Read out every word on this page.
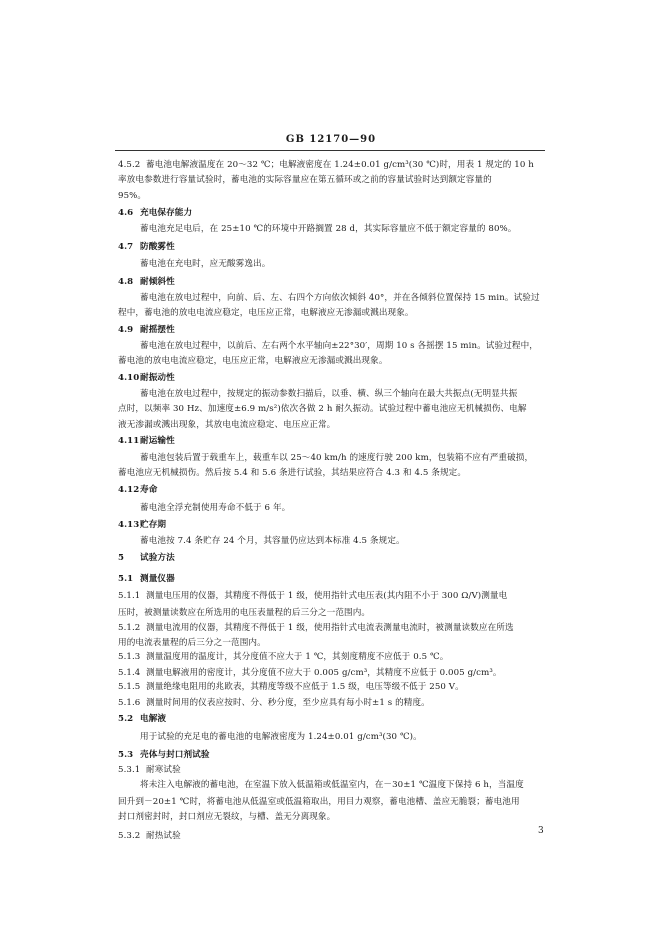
GB 12170—90
4.5.2 蓄电池电解液温度在 20～32 ℃；电解液密度在 1.24±0.01 g/cm³(30 ℃)时，用表 1 规定的 10 h
率放电参数进行容量试验时，蓄电池的实际容量应在第五循环或之前的容量试验时达到额定容量的
95%。
4.6 充电保存能力
蓄电池充足电后，在 25±10 ℃的环境中开路搁置 28 d，其实际容量应不低于额定容量的 80%。
4.7 防酸雾性
蓄电池在充电时，应无酸雾逸出。
4.8 耐倾斜性
蓄电池在放电过程中，向前、后、左、右四个方向依次倾斜 40°，并在各倾斜位置保持 15 min。试验过
程中，蓄电池的放电电流应稳定，电压应正常，电解液应无渗漏或溅出现象。
4.9 耐摇摆性
蓄电池在放电过程中，以前后、左右两个水平轴向±22°30′，周期 10 s 各摇摆 15 min。试验过程中，
蓄电池的放电电流应稳定，电压应正常，电解液应无渗漏或溅出现象。
4.10耐振动性
蓄电池在放电过程中，按规定的振动参数扫描后，以垂、横、纵三个轴向在最大共振点(无明显共振
点时，以频率 30 Hz、加速度±6.9 m/s²)依次各做 2 h 耐久振动。试验过程中蓄电池应无机械损伤、电解
液无渗漏或溅出现象，其放电电流应稳定、电压应正常。
4.11耐运输性
蓄电池包装后置于载重车上，载重车以 25～40 km/h 的速度行驶 200 km，包装箱不应有严重破损，
蓄电池应无机械损伤。然后按 5.4 和 5.6 条进行试验，其结果应符合 4.3 和 4.5 条规定。
4.12寿命
蓄电池全浮充制使用寿命不低于 6 年。
4.13贮存期
蓄电池按 7.4 条贮存 24 个月，其容量仍应达到本标准 4.5 条规定。
5 试验方法
5.1 测量仪器
5.1.1 测量电压用的仪器，其精度不得低于 1 级，使用指针式电压表(其内阻不小于 300 Ω/V)测量电
压时，被测量读数应在所选用的电压表量程的后三分之一范围内。
5.1.2 测量电流用的仪器，其精度不得低于 1 级，使用指针式电流表测量电流时，被测量读数应在所选
用的电流表量程的后三分之一范围内。
5.1.3 测量温度用的温度计，其分度值不应大于 1 ℃，其刻度精度不应低于 0.5 ℃。
5.1.4 测量电解液用的密度计，其分度值不应大于 0.005 g/cm³，其精度不应低于 0.005 g/cm³。
5.1.5 测量绝缘电阻用的兆欧表，其精度等级不应低于 1.5 级，电压等级不低于 250 V。
5.1.6 测量时间用的仪表应按时、分、秒分度，至少应具有每小时±1 s 的精度。
5.2 电解液
用于试验的充足电的蓄电池的电解液密度为 1.24±0.01 g/cm³(30 ℃)。
5.3 壳体与封口剂试验
5.3.1 耐寒试验
将未注入电解液的蓄电池，在室温下放入低温箱或低温室内，在－30±1 ℃温度下保持 6 h，当温度
回升到－20±1 ℃时，将蓄电池从低温室或低温箱取出，用目力观察，蓄电池槽、盖应无脆裂；蓄电池用
封口剂密封时，封口剂应无裂纹，与槽、盖无分离现象。
5.3.2 耐热试验	3
